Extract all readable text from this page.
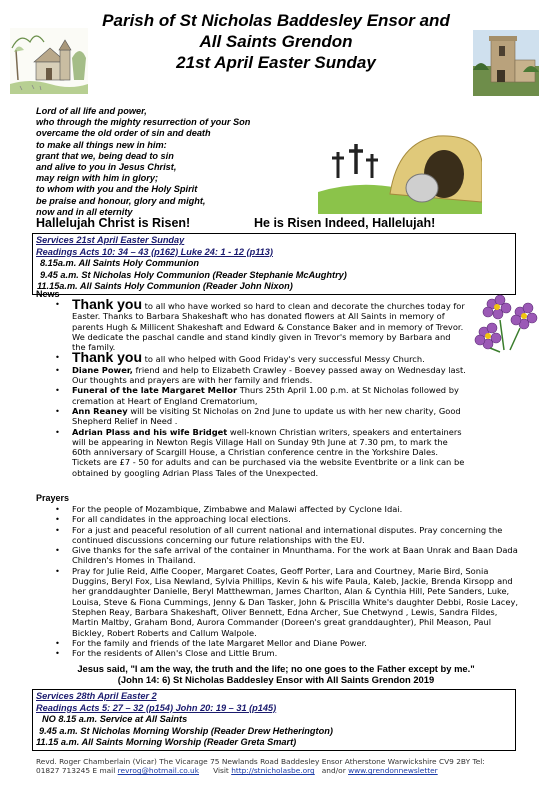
Parish of St Nicholas Baddesley Ensor and
All Saints Grendon
21st April Easter Sunday
Lord of all life and power,
who through the mighty resurrection of your Son
overcame the old order of sin and death
to make all things new in him:
grant that we, being dead to sin
and alive to you in Jesus Christ,
may reign with him in glory;
to whom with you and the Holy Spirit
be praise and honour, glory and might,
now and in all eternity
Hallelujah Christ is Risen!	He is Risen Indeed, Hallelujah!
Services 21st April Easter Sunday
Readings Acts 10: 34 – 43 (p162) Luke 24: 1 - 12 (p113)
8.15a.m. All Saints Holy Communion
9.45 a.m. St Nicholas Holy Communion (Reader Stephanie McAughtry)
11.15a.m. All Saints Holy Communion (Reader John Nixon)
News
• Thank you to all who have worked so hard to clean and decorate the churches today for Easter. Thanks to Barbara Shakeshaft who has donated flowers at All Saints in memory of parents Hugh & Millicent Shakeshaft and Edward & Constance Baker and in memory of Trevor. We dedicate the paschal candle and stand kindly given in Trevor's memory by Barbara and the family.
• Thank you to all who helped with Good Friday's very successful Messy Church.
• Diane Power, friend and help to Elizabeth Crawley - Boevey passed away on Wednesday last. Our thoughts and prayers are with her family and friends.
• Funeral of the late Margaret Mellor Thurs 25th April 1.00 p.m. at St Nicholas followed by cremation at Heart of England Crematorium,
• Ann Reaney will be visiting St Nicholas on 2nd June to update us with her new charity, Good Shepherd Relief in Need .
• Adrian Plass and his wife Bridget well-known Christian writers, speakers and entertainers will be appearing in Newton Regis Village Hall on Sunday 9th June at 7.30 pm, to mark the 60th anniversary of Scargill House, a Christian conference centre in the Yorkshire Dales. Tickets are £7 - 50 for adults and can be purchased via the website Eventbrite or a link can be obtained by googling Adrian Plass Tales of the Unexpected.
Prayers
• For the people of Mozambique, Zimbabwe and Malawi affected by Cyclone Idai.
• For all candidates in the approaching local elections.
• For a just and peaceful resolution of all current national and international disputes. Pray concerning the continued discussions concerning our future relationships with the EU.
• Give thanks for the safe arrival of the container in Mnunthama. For the work at Baan Unrak and Baan Dada Children's Homes in Thailand.
• Pray for Julie Reid, Alfie Cooper, Margaret Coates, Geoff Porter, Lara and Courtney, Marie Bird, Sonia Duggins, Beryl Fox, Lisa Newland, Sylvia Phillips, Kevin & his wife Paula, Kaleb, Jackie, Brenda Kirsopp and her granddaughter Danielle, Beryl Matthewman, James Charlton, Alan & Cynthia Hill, Pete Sanders, Luke, Louisa, Steve & Fiona Cummings, Jenny & Dan Tasker, John & Priscilla White's daughter Debbi, Rosie Lacey, Stephen Reay, Barbara Shakeshaft, Oliver Bennett, Edna Archer, Sue Chetwynd , Lewis, Sandra Fildes, Martin Maltby, Graham Bond, Aurora Commander (Doreen's great granddaughter), Phil Meason, Paul Bickley, Robert Roberts and Callum Walpole.
• For the family and friends of the late Margaret Mellor and Diane Power.
• For the residents of Allen's Close and Little Brum.
Jesus said, "I am the way, the truth and the life; no one goes to the Father except by me."
(John 14: 6) St Nicholas Baddesley Ensor with All Saints Grendon 2019
Services 28th April Easter 2
Readings Acts 5: 27 – 32 (p154) John 20: 19 – 31 (p145)
NO 8.15 a.m. Service at All Saints
9.45 a.m. St Nicholas Morning Worship (Reader Drew Hetherington)
11.15 a.m. All Saints Morning Worship (Reader Greta Smart)
Revd. Roger Chamberlain (Vicar) The Vicarage 75 Newlands Road Baddesley Ensor Atherstone Warwickshire CV9 2BY Tel:
01827 713245 E mail revrog@hotmail.co.uk      Visit http://stnicholasbe.org   and/or www.grendonnewsletter
